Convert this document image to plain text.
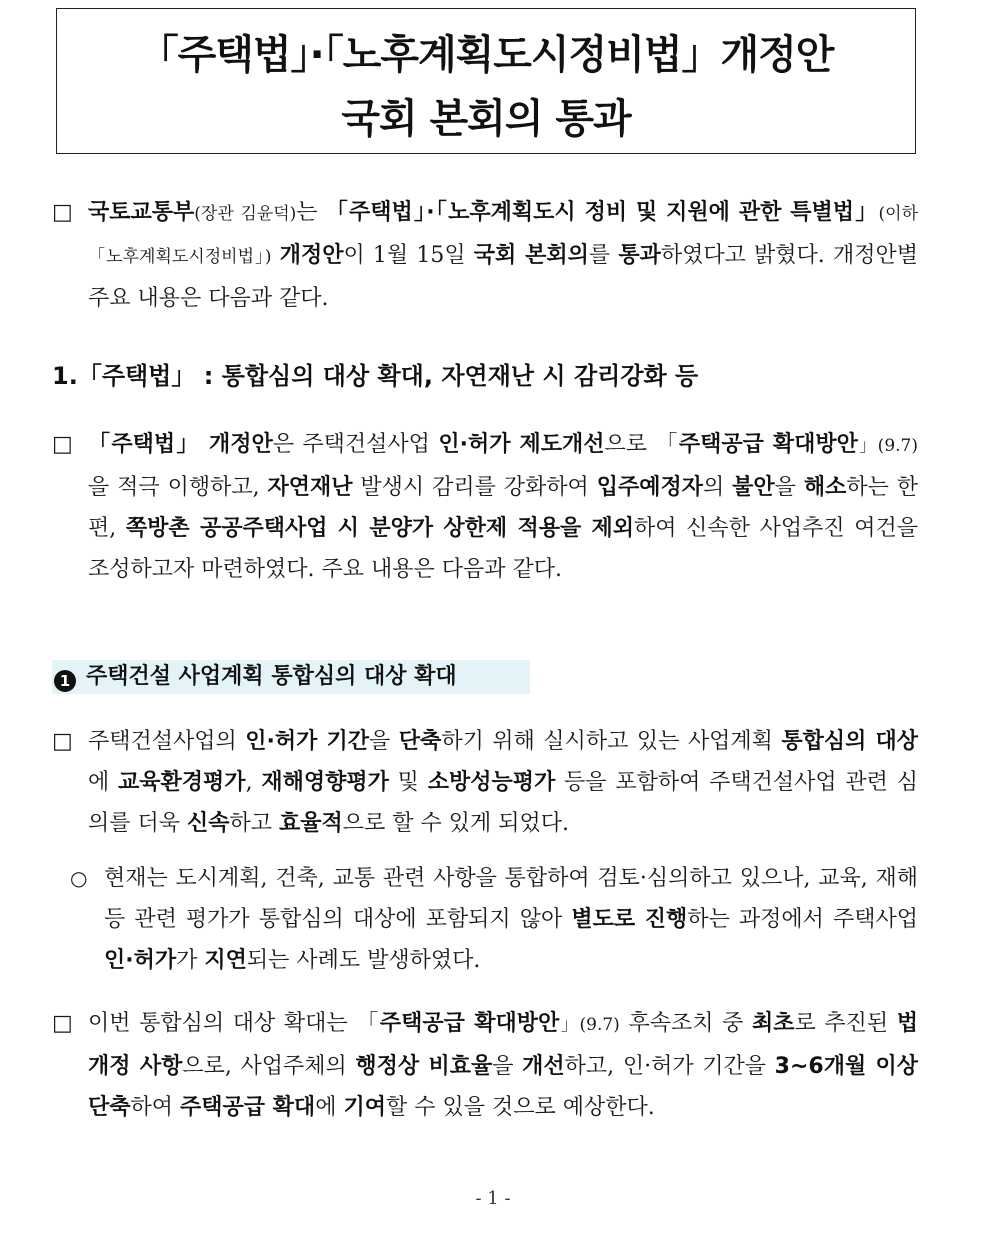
「주택법」·「노후계획도시정비법」개정안
국회 본회의 통과
□ 국토교통부(장관 김윤덕)는 「주택법」·「노후계획도시 정비 및 지원에 관한 특별법」(이하 「노후계획도시정비법」) 개정안이 1월 15일 국회 본회의를 통과하였다고 밝혔다. 개정안별 주요 내용은 다음과 같다.
1.「주택법」 : 통합심의 대상 확대, 자연재난 시 감리강화 등
□ 「주택법」 개정안은 주택건설사업 인·허가 제도개선으로 「주택공급 확대방안」(9.7)을 적극 이행하고, 자연재난 발생시 감리를 강화하여 입주예정자의 불안을 해소하는 한편, 쪽방촌 공공주택사업 시 분양가 상한제 적용을 제외하여 신속한 사업추진 여건을 조성하고자 마련하였다. 주요 내용은 다음과 같다.
1 주택건설 사업계획 통합심의 대상 확대
□ 주택건설사업의 인·허가 기간을 단축하기 위해 실시하고 있는 사업계획 통합심의 대상에 교육환경평가, 재해영향평가 및 소방성능평가 등을 포함하여 주택건설사업 관련 심의를 더욱 신속하고 효율적으로 할 수 있게 되었다.
○ 현재는 도시계획, 건축, 교통 관련 사항을 통합하여 검토·심의하고 있으나, 교육, 재해 등 관련 평가가 통합심의 대상에 포함되지 않아 별도로 진행하는 과정에서 주택사업 인·허가가 지연되는 사례도 발생하였다.
□ 이번 통합심의 대상 확대는 「주택공급 확대방안」(9.7) 후속조치 중 최초로 추진된 법개정 사항으로, 사업주체의 행정상 비효율을 개선하고, 인·허가 기간을 3~6개월 이상 단축하여 주택공급 확대에 기여할 수 있을 것으로 예상한다.
- 1 -
